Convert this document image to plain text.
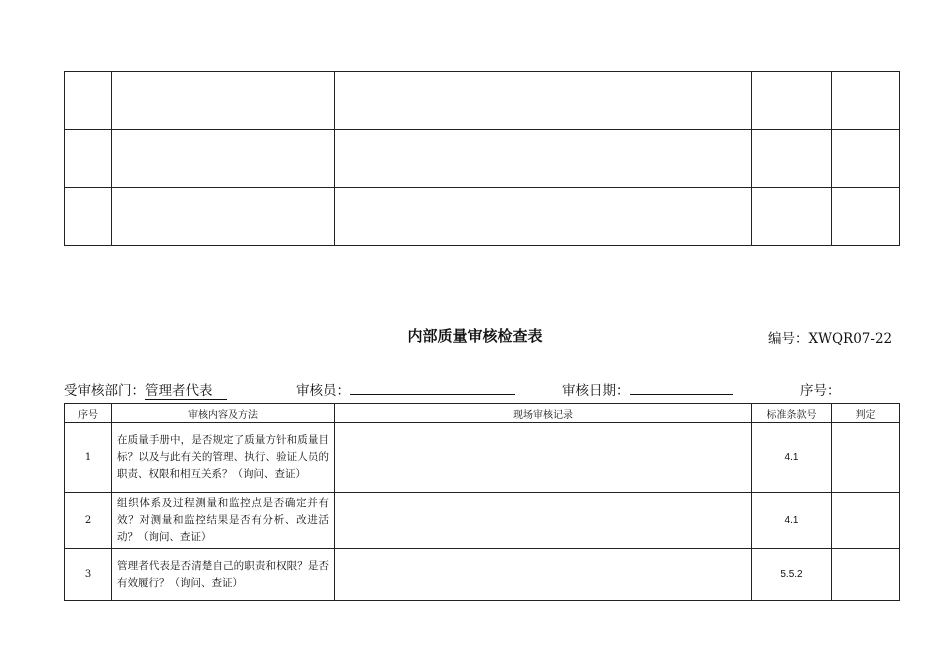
内部质量审核检查表	编号：XWQR07-22
受审核部门：管理者代表	审核员：	审核日期：	序号：
序号	审核内容及方法	现场审核记录	标准条款号	判定
1	在质量手册中，是否规定了质量方针和质量目标？以及与此有关的管理、执行、验证人员的职责、权限和相互关系？（询问、查证）		4.1	
2	组织体系及过程测量和监控点是否确定并有效？对测量和监控结果是否有分析、改进活动？（询问、查证）		4.1	
3	管理者代表是否清楚自己的职责和权限？是否有效履行？（询问、查证）		5.5.2	
